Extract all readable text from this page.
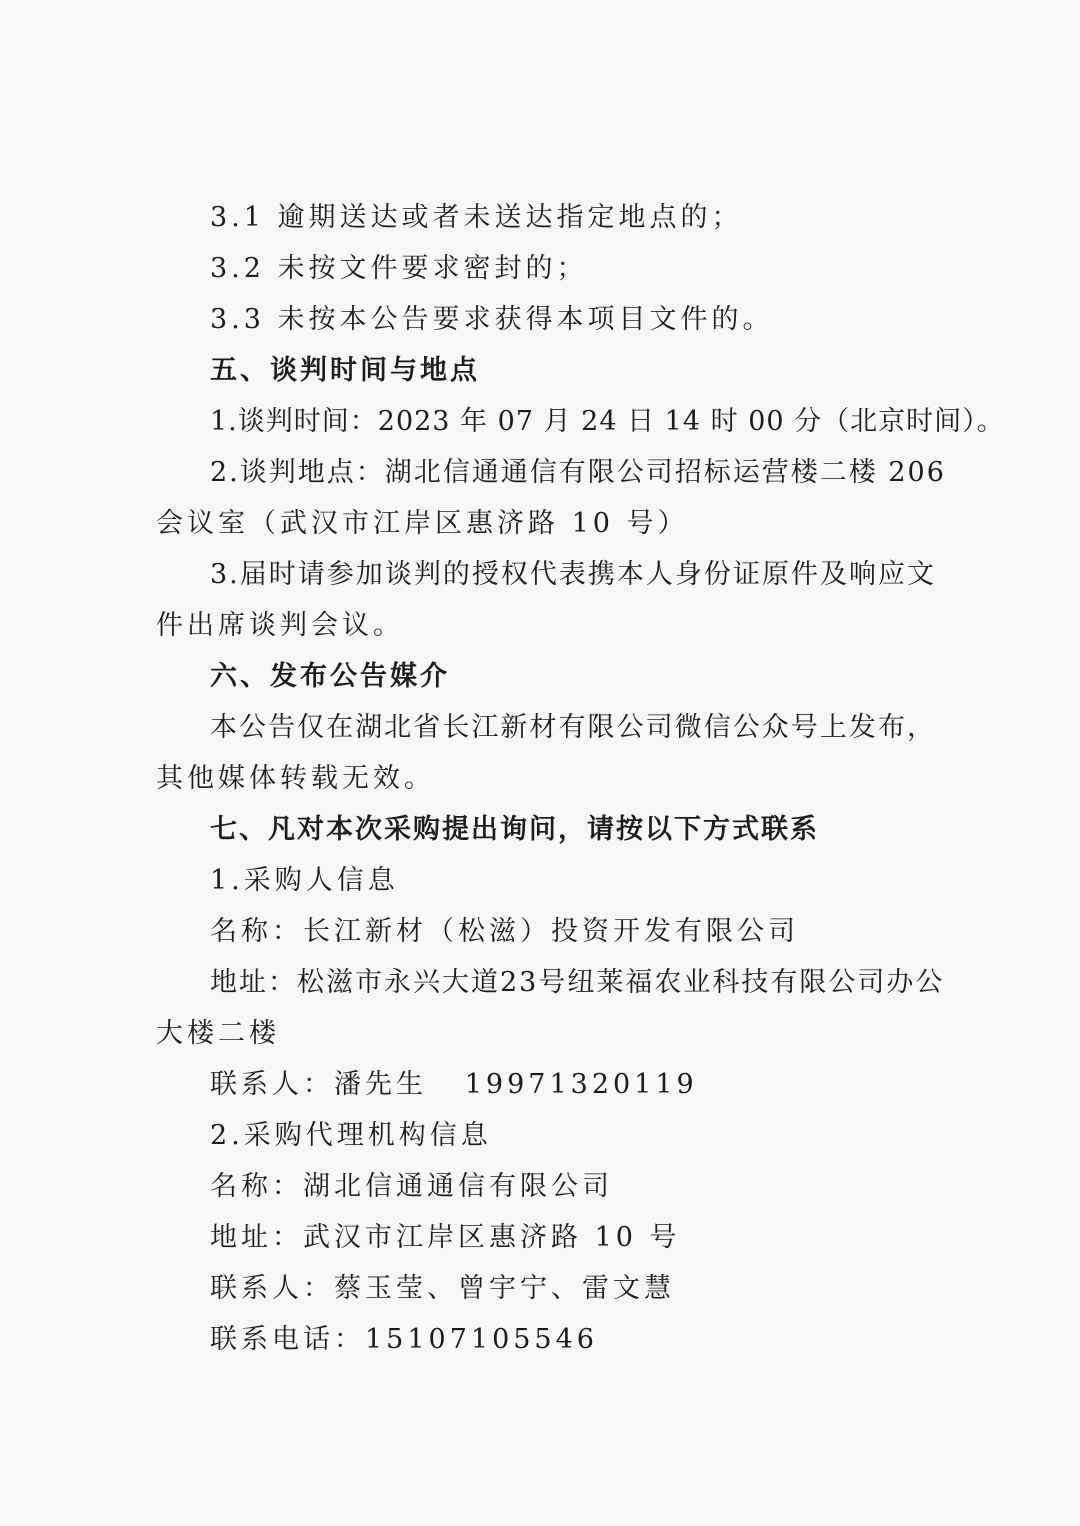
3.1 逾期送达或者未送达指定地点的；
3.2 未按文件要求密封的；
3.3 未按本公告要求获得本项目文件的。
五、谈判时间与地点
1.谈判时间：2023 年 07 月 24 日 14 时 00 分（北京时间）。
2.谈判地点：湖北信通通信有限公司招标运营楼二楼 206
会议室（武汉市江岸区惠济路 10 号）
3.届时请参加谈判的授权代表携本人身份证原件及响应文
件出席谈判会议。
六、发布公告媒介
本公告仅在湖北省长江新材有限公司微信公众号上发布，
其他媒体转载无效。
七、凡对本次采购提出询问，请按以下方式联系
1.采购人信息
名称：长江新材（松滋）投资开发有限公司
地址：松滋市永兴大道23号纽莱福农业科技有限公司办公
大楼二楼
联系人：潘先生   19971320119
2.采购代理机构信息
名称：湖北信通通信有限公司
地址：武汉市江岸区惠济路 10 号
联系人：蔡玉莹、曾宇宁、雷文慧
联系电话：15107105546
